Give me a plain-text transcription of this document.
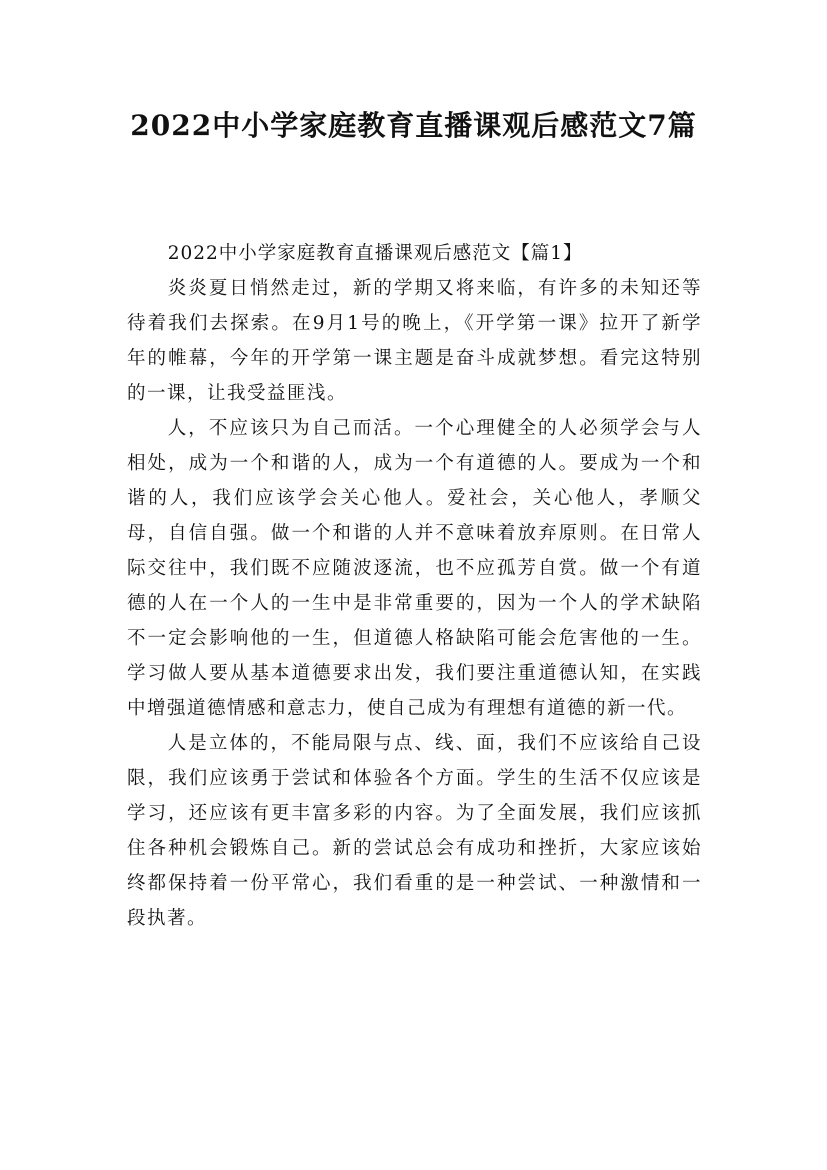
2022中小学家庭教育直播课观后感范文7篇

2022中小学家庭教育直播课观后感范文【篇1】

炎炎夏日悄然走过，新的学期又将来临，有许多的未知还等待着我们去探索。在9月1号的晚上，《开学第一课》拉开了新学年的帷幕，今年的开学第一课主题是奋斗成就梦想。看完这特别的一课，让我受益匪浅。

人，不应该只为自己而活。一个心理健全的人必须学会与人相处，成为一个和谐的人，成为一个有道德的人。要成为一个和谐的人，我们应该学会关心他人。爱社会，关心他人，孝顺父母，自信自强。做一个和谐的人并不意味着放弃原则。在日常人际交往中，我们既不应随波逐流，也不应孤芳自赏。做一个有道德的人在一个人的一生中是非常重要的，因为一个人的学术缺陷不一定会影响他的一生，但道德人格缺陷可能会危害他的一生。学习做人要从基本道德要求出发，我们要注重道德认知，在实践中增强道德情感和意志力，使自己成为有理想有道德的新一代。

人是立体的，不能局限与点、线、面，我们不应该给自己设限，我们应该勇于尝试和体验各个方面。学生的生活不仅应该是学习，还应该有更丰富多彩的内容。为了全面发展，我们应该抓住各种机会锻炼自己。新的尝试总会有成功和挫折，大家应该始终都保持着一份平常心，我们看重的是一种尝试、一种激情和一段执著。
